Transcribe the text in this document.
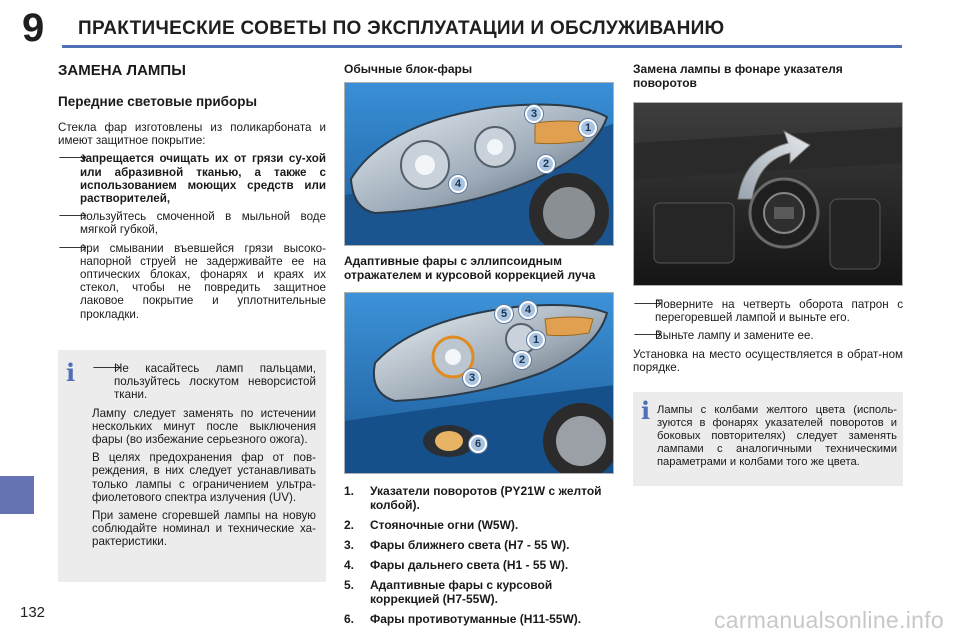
9 ПРАКТИЧЕСКИЕ СОВЕТЫ ПО ЭКСПЛУАТАЦИИ И ОБСЛУЖИВАНИЮ
132	carmanualsonline.info
ЗАМЕНА ЛАМПЫ
Передние световые приборы
Стекла фар изготовлены из поликарбоната и имеют защитное покрытие:
🡒
запрещается очищать их от грязи су-хой или абразивной тканью, а также с использованием моющих средств или растворителей,
🡒
пользуйтесь смоченной в мыльной воде мягкой губкой,
🡒
при смывании въевшейся грязи высоко-напорной струей не задерживайте ее на оптических блоках, фонарях и краях их стекол, чтобы не повредить защитное лаковое покрытие и уплотнительные прокладки.
i 🡒
Не касайтесь ламп пальцами, пользуйтесь лоскутом неворсистой ткани.
Лампу следует заменять по истечении нескольких минут после выключения фары (во избежание серьезного ожога).
В целях предохранения фар от пов-реждения, в них следует устанавливать только лампы с ограничением ультра-фиолетового спектра излучения (UV).
При замене сгоревшей лампы на новую соблюдайте номинал и технические ха-рактеристики.
Обычные блок-фары
3
1
2
4
Адаптивные фары с эллипсоидным отражателем и курсовой коррекцией луча
5	4
1
2
3
6
1.	Указатели поворотов (PY21W с желтой колбой).
2.	Стояночные огни (W5W).
3.	Фары ближнего света (H7 - 55 W).
4.	Фары дальнего света (H1 - 55 W).
5.	Адаптивные фары с курсовой коррекцией (H7-55W).
6.	Фары противотуманные (H11-55W).
Замена лампы в фонаре указателя поворотов
🡒
Поверните на четверть оборота патрон с перегоревшей лампой и выньте его.
🡒
Выньте лампу и замените ее.
Установка на место осуществляется в обрат-ном порядке.
i Лампы с колбами желтого цвета (исполь-зуются в фонарях указателей поворотов и боковых повторителях) следует заменять лампами с аналогичными техническими параметрами и колбами того же цвета.
